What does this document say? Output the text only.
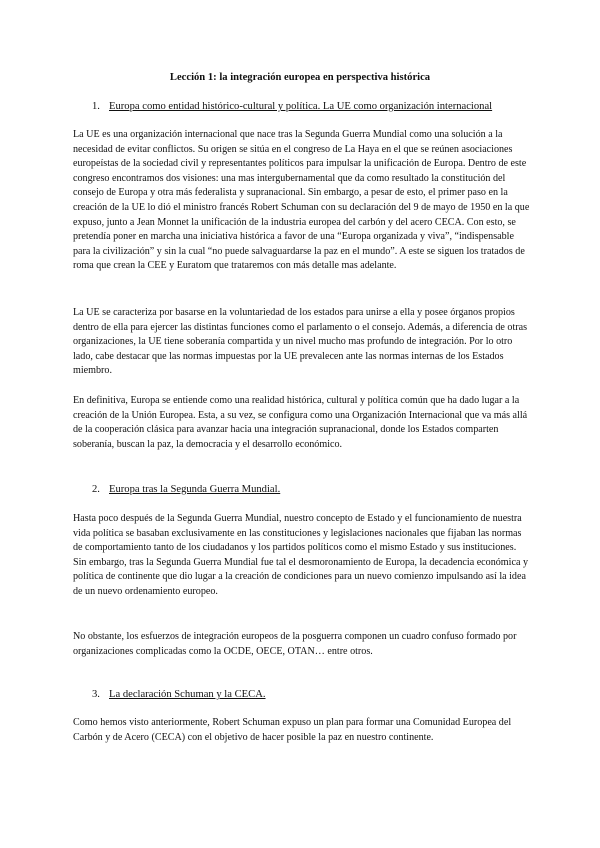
Lección 1: la integración europea en perspectiva histórica
1. Europa como entidad histórico-cultural y política. La UE como organización internacional

La UE es una organización internacional que nace tras la Segunda Guerra Mundial como una solución a la necesidad de evitar conflictos. Su origen se sitúa en el congreso de La Haya en el que se reúnen asociaciones europeístas de la sociedad civil y representantes políticos para impulsar la unificación de Europa. Dentro de este congreso encontramos dos visiones: una mas intergubernamental que da como resultado la constitución del consejo de Europa y otra más federalista y supranacional. Sin embargo, a pesar de esto, el primer paso en la creación de la UE lo dió el ministro francés Robert Schuman con su declaración del 9 de mayo de 1950 en la que expuso, junto a Jean Monnet la unificación de la industria europea del carbón y del acero CECA. Con esto, se pretendía poner en marcha una iniciativa histórica a favor de una “Europa organizada y viva”, “indispensable para la civilización” y sin la cual “no puede salvaguardarse la paz en el mundo”. A este se siguen los tratados de roma que crean la CEE y Euratom que trataremos con más detalle mas adelante.

La UE se caracteriza por basarse en la voluntariedad de los estados para unirse a ella y posee órganos propios dentro de ella para ejercer las distintas funciones como el parlamento o el consejo. Además, a diferencia de otras organizaciones, la UE tiene soberanía compartida y un nivel mucho mas profundo de integración. Por lo otro lado, cabe destacar que las normas impuestas por la UE prevalecen ante las normas internas de los Estados miembro.

En definitiva, Europa se entiende como una realidad histórica, cultural y política común que ha dado lugar a la creación de la Unión Europea. Esta, a su vez, se configura como una Organización Internacional que va más allá de la cooperación clásica para avanzar hacia una integración supranacional, donde los Estados comparten soberanía, buscan la paz, la democracia y el desarrollo económico.

2. Europa tras la Segunda Guerra Mundial.

Hasta poco después de la Segunda Guerra Mundial, nuestro concepto de Estado y el funcionamiento de nuestra vida política se basaban exclusivamente en las constituciones y legislaciones nacionales que fijaban las normas de comportamiento tanto de los ciudadanos y los partidos políticos como el mismo Estado y sus instituciones. Sin embargo, tras la Segunda Guerra Mundial fue tal el desmoronamiento de Europa, la decadencia económica y política de continente que dio lugar a la creación de condiciones para un nuevo comienzo impulsando así la idea de un nuevo ordenamiento europeo.

No obstante, los esfuerzos de integración europeos de la posguerra componen un cuadro confuso formado por organizaciones complicadas como la OCDE, OECE, OTAN… entre otros.

3. La declaración Schuman y la CECA.

Como hemos visto anteriormente, Robert Schuman expuso un plan para formar una Comunidad Europea del Carbón y de Acero (CECA) con el objetivo de hacer posible la paz en nuestro continente.
